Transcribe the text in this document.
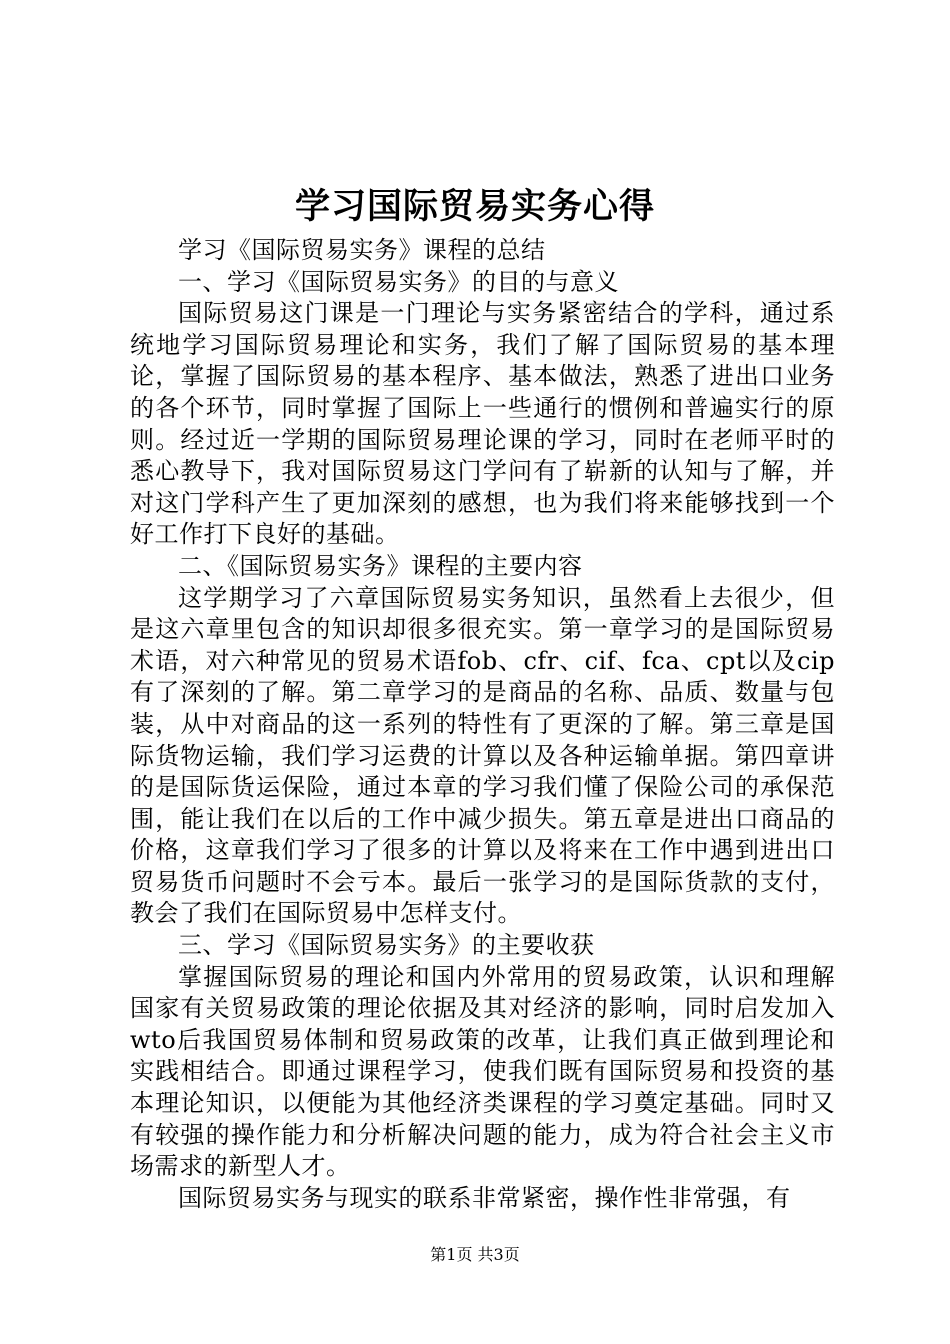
学习国际贸易实务心得

学习《国际贸易实务》课程的总结

一、学习《国际贸易实务》的目的与意义

国际贸易这门课是一门理论与实务紧密结合的学科，通过系统地学习国际贸易理论和实务，我们了解了国际贸易的基本理论，掌握了国际贸易的基本程序、基本做法，熟悉了进出口业务的各个环节，同时掌握了国际上一些通行的惯例和普遍实行的原则。经过近一学期的国际贸易理论课的学习，同时在老师平时的悉心教导下，我对国际贸易这门学问有了崭新的认知与了解，并对这门学科产生了更加深刻的感想，也为我们将来能够找到一个好工作打下良好的基础。

二、《国际贸易实务》课程的主要内容

这学期学习了六章国际贸易实务知识，虽然看上去很少，但是这六章里包含的知识却很多很充实。第一章学习的是国际贸易术语，对六种常见的贸易术语fob、cfr、cif、fca、cpt以及cip有了深刻的了解。第二章学习的是商品的名称、品质、数量与包装，从中对商品的这一系列的特性有了更深的了解。第三章是国际货物运输，我们学习运费的计算以及各种运输单据。第四章讲的是国际货运保险，通过本章的学习我们懂了保险公司的承保范围，能让我们在以后的工作中减少损失。第五章是进出口商品的价格，这章我们学习了很多的计算以及将来在工作中遇到进出口贸易货币问题时不会亏本。最后一张学习的是国际货款的支付，教会了我们在国际贸易中怎样支付。

三、学习《国际贸易实务》的主要收获

掌握国际贸易的理论和国内外常用的贸易政策，认识和理解国家有关贸易政策的理论依据及其对经济的影响，同时启发加入wto后我国贸易体制和贸易政策的改革，让我们真正做到理论和实践相结合。即通过课程学习，使我们既有国际贸易和投资的基本理论知识，以便能为其他经济类课程的学习奠定基础。同时又有较强的操作能力和分析解决问题的能力，成为符合社会主义市场需求的新型人才。

国际贸易实务与现实的联系非常紧密，操作性非常强，有

第1页 共3页
